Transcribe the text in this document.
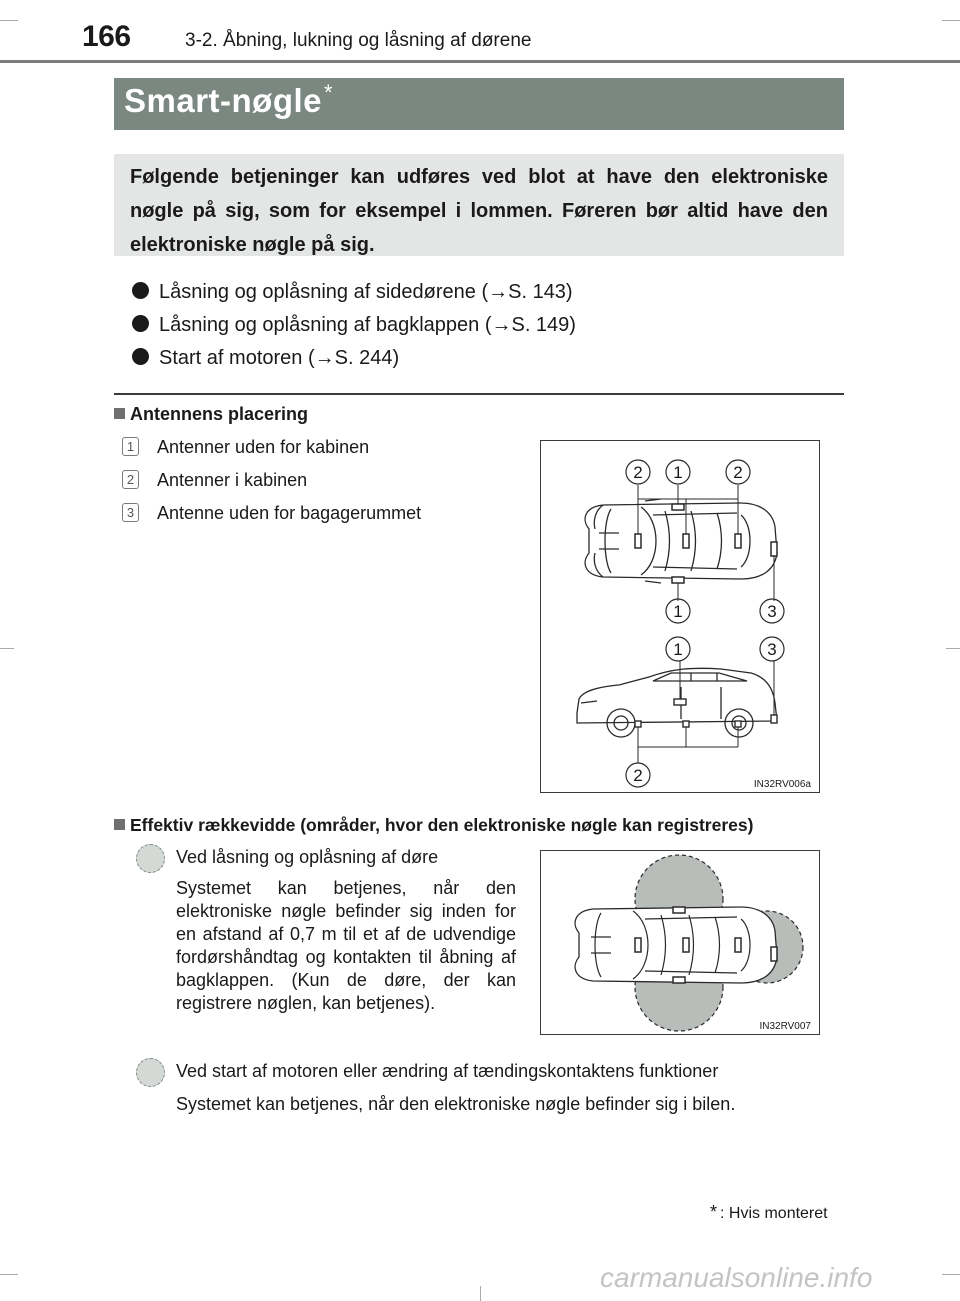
166	3-2. Åbning, lukning og låsning af dørene
Smart-nøgle*
Følgende betjeninger kan udføres ved blot at have den elektroniske nøgle på sig, som for eksempel i lommen. Føreren bør altid have den elektroniske nøgle på sig.
Låsning og oplåsning af sidedørene (→S. 143)
Låsning og oplåsning af bagklappen (→S. 149)
Start af motoren (→S. 244)
Antennens placering
1 Antenner uden for kabinen
2 Antenner i kabinen
3 Antenne uden for bagagerummet
2 1	2
1	3
1	3
2	IN32RV006a
Effektiv rækkevidde (områder, hvor den elektroniske nøgle kan registreres)
Ved låsning og oplåsning af døre
Systemet kan betjenes, når den elektroniske nøgle befinder sig inden for en afstand af 0,7 m til et af de udvendige fordørshåndtag og kontakten til åbning af bagklappen. (Kun de døre, der kan registrere nøglen, kan betjenes).
IN32RV007
Ved start af motoren eller ændring af tændingskontaktens funktioner
Systemet kan betjenes, når den elektroniske nøgle befinder sig i bilen.
* : Hvis monteret
carmanualsonline.info
